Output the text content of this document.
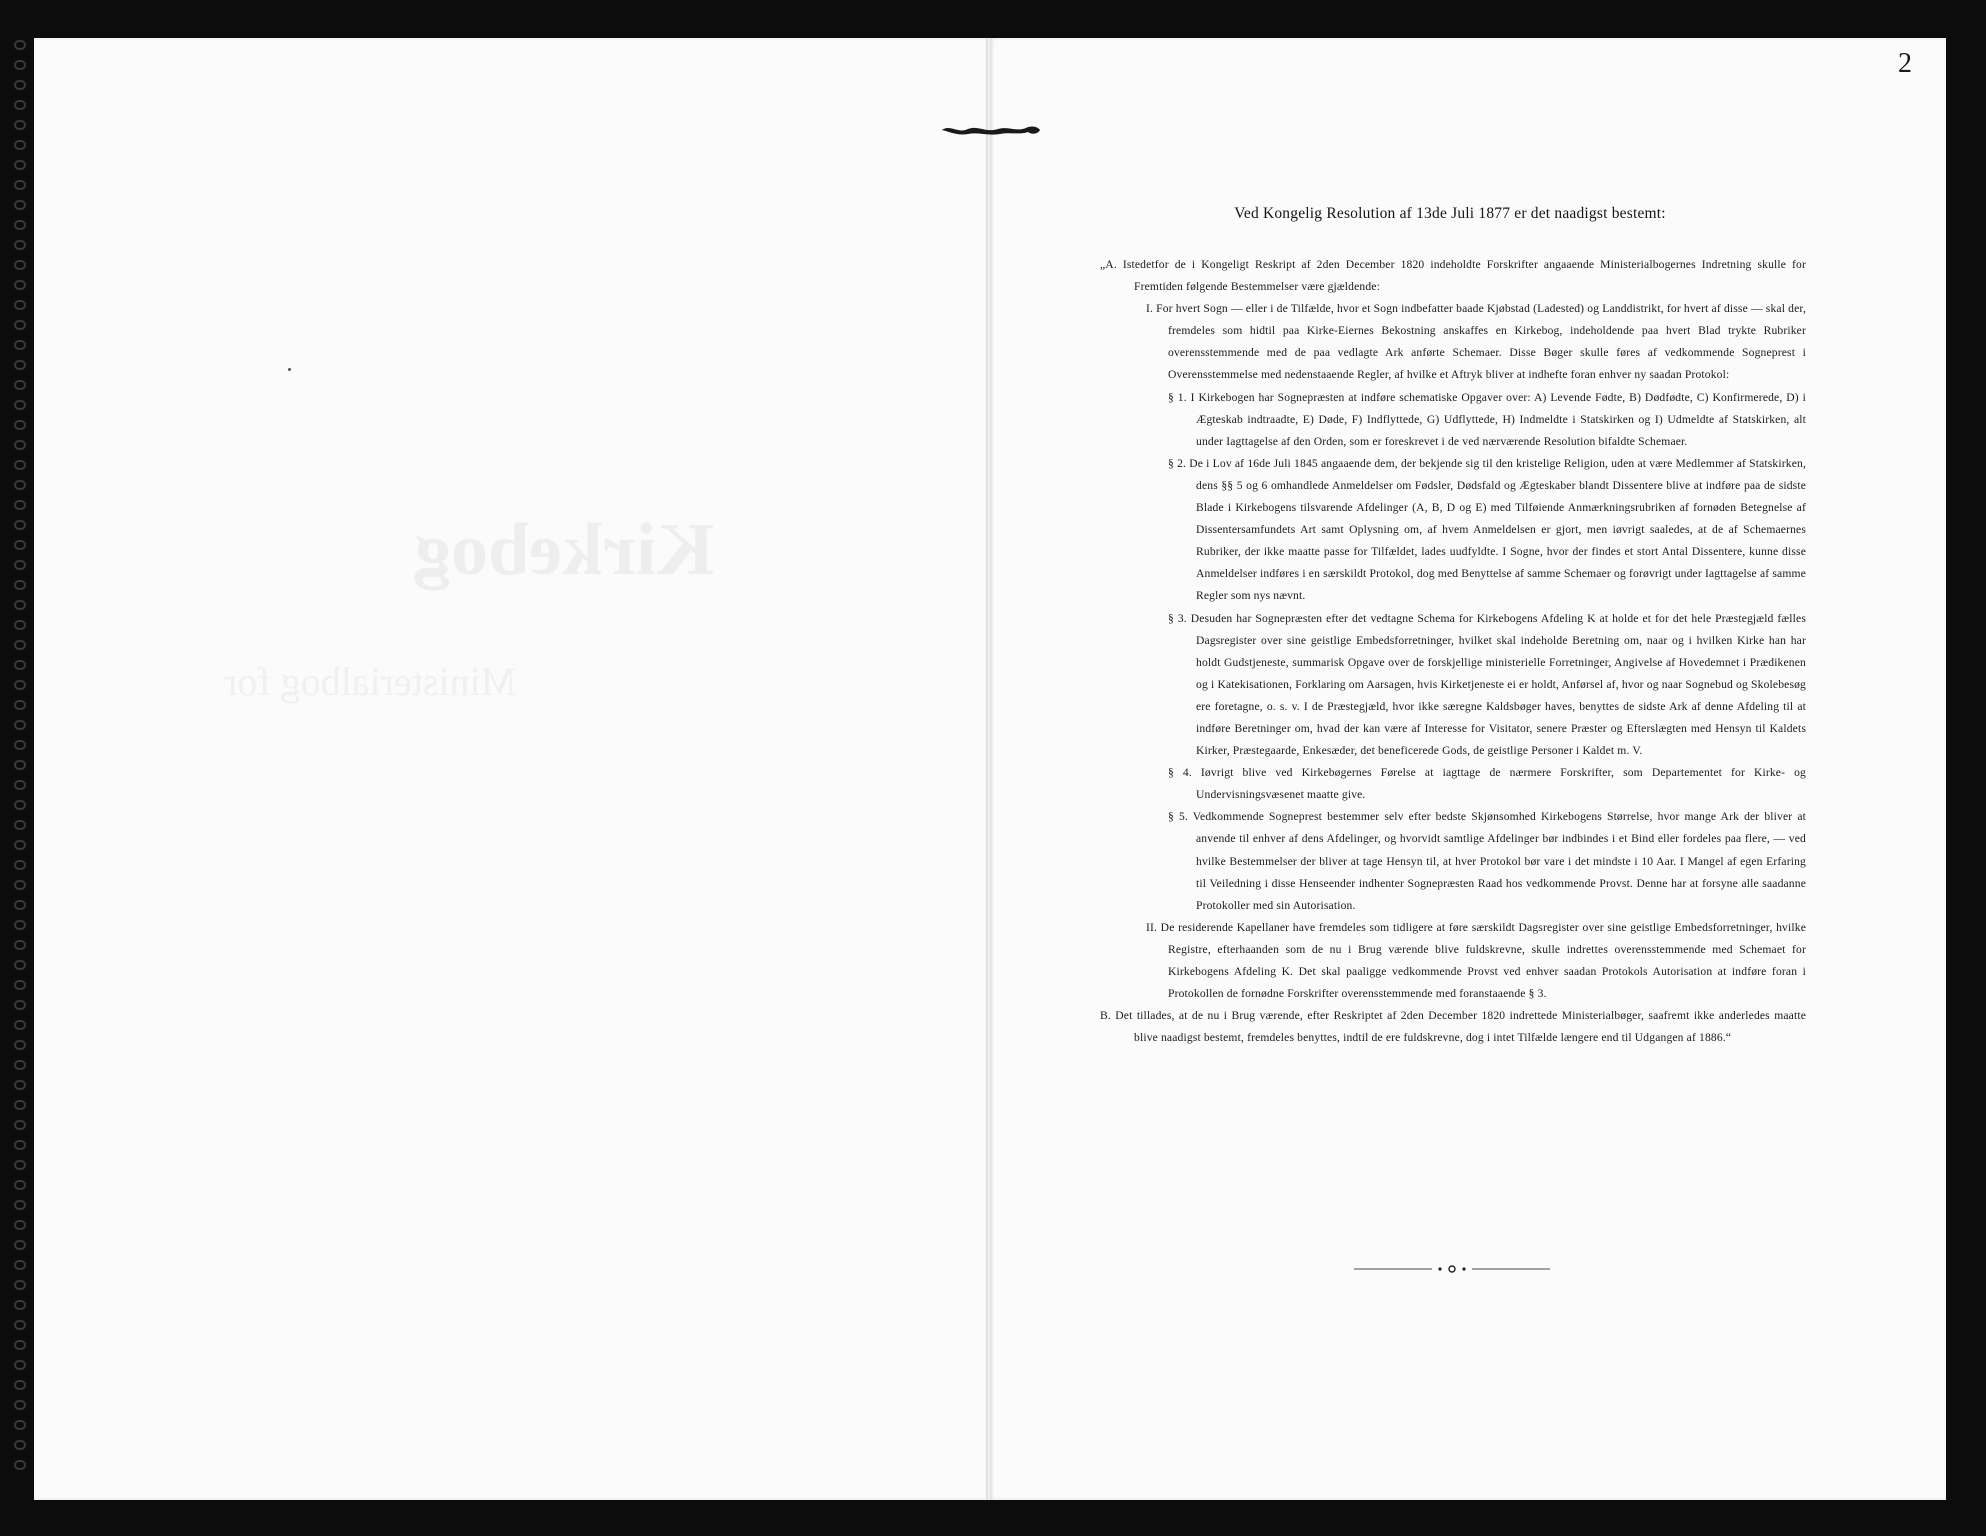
Kirkebog
Ministerialbog for
2
Ved Kongelig Resolution af 13de Juli 1877 er det naadigst bestemt:

„A. Istedetfor de i Kongeligt Reskript af 2den December 1820 indeholdte Forskrifter angaaende Ministerialbogernes Indretning skulle for Fremtiden følgende Bestemmelser være gjældende:

I. For hvert Sogn — eller i de Tilfælde, hvor et Sogn indbefatter baade Kjøbstad (Ladested) og Landdistrikt, for hvert af disse — skal der, fremdeles som hidtil paa Kirke-Eiernes Bekostning anskaffes en Kirkebog, indeholdende paa hvert Blad trykte Rubriker overensstemmende med de paa vedlagte Ark anførte Schemaer. Disse Bøger skulle føres af vedkommende Sogneprest i Overensstemmelse med nedenstaaende Regler, af hvilke et Aftryk bliver at indhefte foran enhver ny saadan Protokol:

§ 1. I Kirkebogen har Sognepræsten at indføre schematiske Opgaver over: A) Levende Fødte, B) Dødfødte, C) Konfirmerede, D) i Ægteskab indtraadte, E) Døde, F) Indflyttede, G) Udflyttede, H) Indmeldte i Statskirken og I) Udmeldte af Statskirken, alt under Iagttagelse af den Orden, som er foreskrevet i de ved nærværende Resolution bifaldte Schemaer.

§ 2. De i Lov af 16de Juli 1845 angaaende dem, der bekjende sig til den kristelige Religion, uden at være Medlemmer af Statskirken, dens §§ 5 og 6 omhandlede Anmeldelser om Fødsler, Dødsfald og Ægteskaber blandt Dissentere blive at indføre paa de sidste Blade i Kirkebogens tilsvarende Afdelinger (A, B, D og E) med Tilføiende Anmærkningsrubriken af fornøden Betegnelse af Dissentersamfundets Art samt Oplysning om, af hvem Anmeldelsen er gjort, men iøvrigt saaledes, at de af Schemaernes Rubriker, der ikke maatte passe for Tilfældet, lades uudfyldte. I Sogne, hvor der findes et stort Antal Dissentere, kunne disse Anmeldelser indføres i en særskildt Protokol, dog med Benyttelse af samme Schemaer og forøvrigt under Iagttagelse af samme Regler som nys nævnt.

§ 3. Desuden har Sognepræsten efter det vedtagne Schema for Kirkebogens Afdeling K at holde et for det hele Præstegjæld fælles Dagsregister over sine geistlige Embedsforretninger, hvilket skal indeholde Beretning om, naar og i hvilken Kirke han har holdt Gudstjeneste, summarisk Opgave over de forskjellige ministerielle Forretninger, Angivelse af Hovedemnet i Prædikenen og i Katekisationen, Forklaring om Aarsagen, hvis Kirketjeneste ei er holdt, Anførsel af, hvor og naar Sognebud og Skolebesøg ere foretagne, o. s. v. I de Præstegjæld, hvor ikke særegne Kaldsbøger haves, benyttes de sidste Ark af denne Afdeling til at indføre Beretninger om, hvad der kan være af Interesse for Visitator, senere Præster og Efterslægten med Hensyn til Kaldets Kirker, Præstegaarde, Enkesæder, det beneficerede Gods, de geistlige Personer i Kaldet m. V.

§ 4. Iøvrigt blive ved Kirkebøgernes Førelse at iagttage de nærmere Forskrifter, som Departementet for Kirke- og Undervisningsvæsenet maatte give.

§ 5. Vedkommende Sogneprest bestemmer selv efter bedste Skjønsomhed Kirkebogens Størrelse, hvor mange Ark der bliver at anvende til enhver af dens Afdelinger, og hvorvidt samtlige Afdelinger bør indbindes i et Bind eller fordeles paa flere, — ved hvilke Bestemmelser der bliver at tage Hensyn til, at hver Protokol bør vare i det mindste i 10 Aar. I Mangel af egen Erfaring til Veiledning i disse Henseender indhenter Sognepræsten Raad hos vedkommende Provst. Denne har at forsyne alle saadanne Protokoller med sin Autorisation.

II. De residerende Kapellaner have fremdeles som tidligere at føre særskildt Dagsregister over sine geistlige Embedsforretninger, hvilke Registre, efterhaanden som de nu i Brug værende blive fuldskrevne, skulle indrettes overensstemmende med Schemaet for Kirkebogens Afdeling K. Det skal paaligge vedkommende Provst ved enhver saadan Protokols Autorisation at indføre foran i Protokollen de fornødne Forskrifter overensstemmende med foranstaaende § 3.

B. Det tillades, at de nu i Brug værende, efter Reskriptet af 2den December 1820 indrettede Ministerialbøger, saafremt ikke anderledes maatte blive naadigst bestemt, fremdeles benyttes, indtil de ere fuldskrevne, dog i intet Tilfælde længere end til Udgangen af 1886.“
